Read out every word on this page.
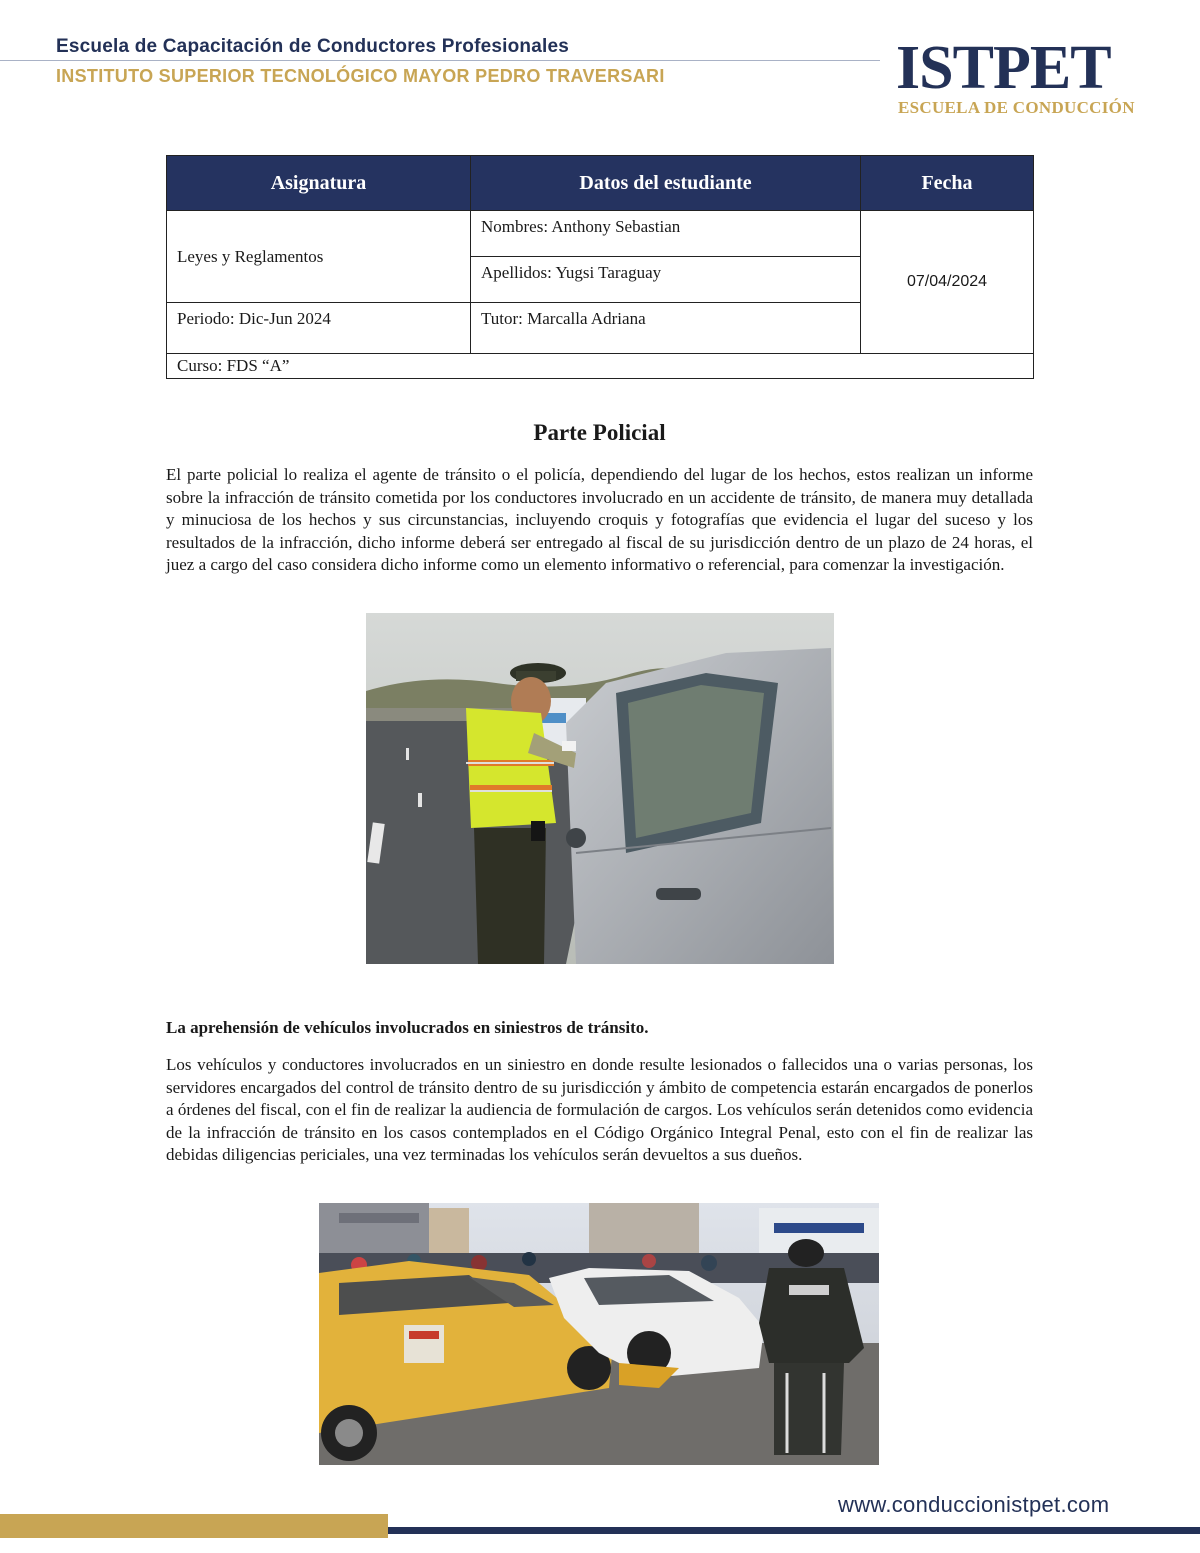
Escuela de Capacitación de Conductores Profesionales
INSTITUTO SUPERIOR TECNOLÓGICO MAYOR PEDRO TRAVERSARI	ISTPET
ESCUELA DE CONDUCCIÓN
Asignatura	Datos del estudiante	Fecha
Leyes y Reglamentos	Nombres: Anthony Sebastian	07/04/2024
	Apellidos: Yugsi Taraguay	
Periodo: Dic-Jun 2024	Tutor: Marcalla Adriana	
Curso: FDS “A”		
Parte Policial
El parte policial lo realiza el agente de tránsito o el policía, dependiendo del lugar de los hechos, estos realizan un informe sobre la infracción de tránsito cometida por los conductores involucrado en un accidente de tránsito, de manera muy detallada y minuciosa de los hechos y sus circunstancias, incluyendo croquis y fotografías que evidencia el lugar del suceso y los resultados de la infracción, dicho informe deberá ser entregado al fiscal de su jurisdicción dentro de un plazo de 24 horas, el juez a cargo del caso considera dicho informe como un elemento informativo o referencial, para comenzar la investigación.
La aprehensión de vehículos involucrados en siniestros de tránsito.
Los vehículos y conductores involucrados en un siniestro en donde resulte lesionados o fallecidos una o varias personas, los servidores encargados del control de tránsito dentro de su jurisdicción y ámbito de competencia estarán encargados de ponerlos a órdenes del fiscal, con el fin de realizar la audiencia de formulación de cargos. Los vehículos serán detenidos como evidencia de la infracción de tránsito en los casos contemplados en el Código Orgánico Integral Penal, esto con el fin de realizar las debidas diligencias periciales, una vez terminadas los vehículos serán devueltos a sus dueños.
www.conduccionistpet.com
